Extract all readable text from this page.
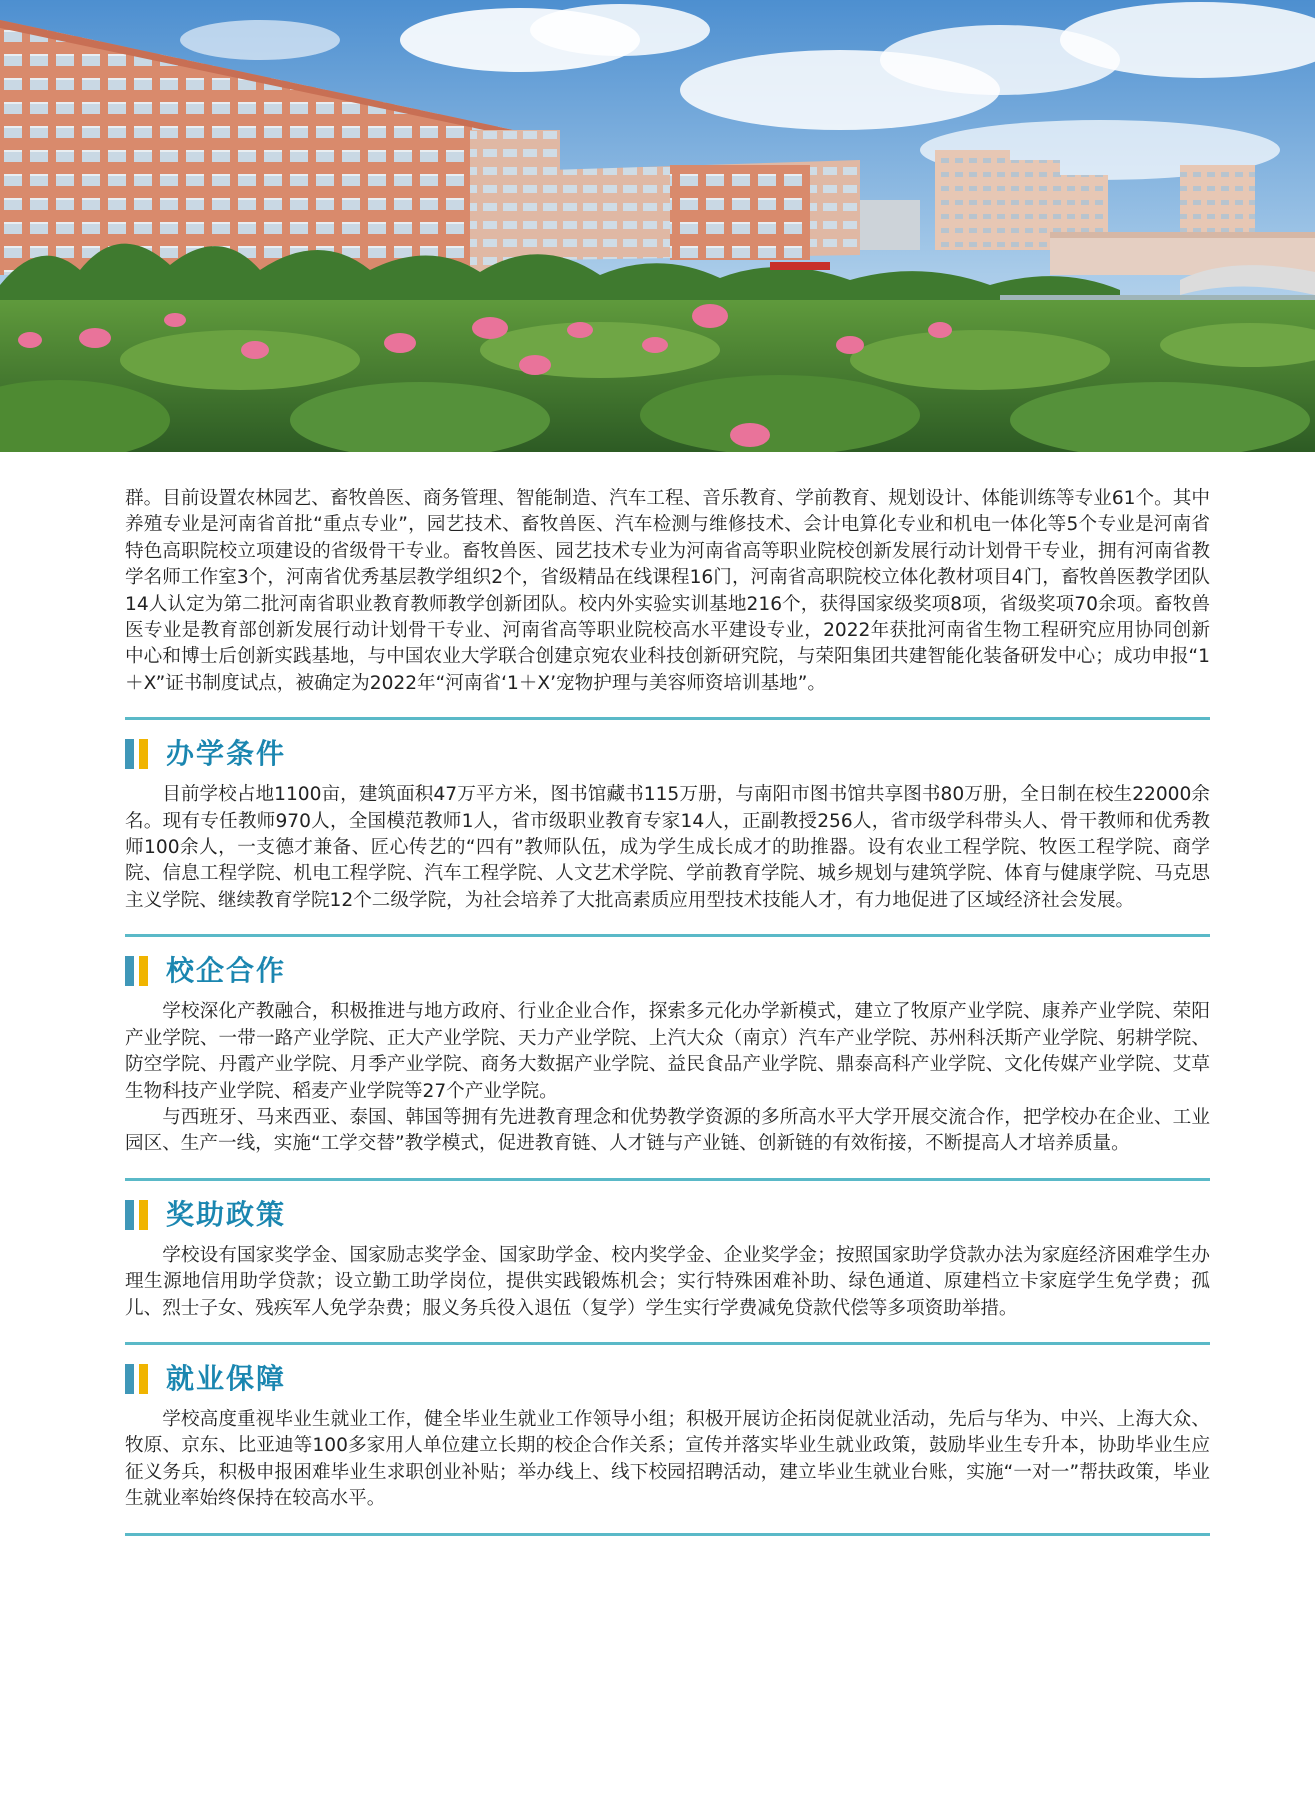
群。目前设置农林园艺、畜牧兽医、商务管理、智能制造、汽车工程、音乐教育、学前教育、规划设计、体能训练等专业61个。其中养殖专业是河南省首批“重点专业”，园艺技术、畜牧兽医、汽车检测与维修技术、会计电算化专业和机电一体化等5个专业是河南省特色高职院校立项建设的省级骨干专业。畜牧兽医、园艺技术专业为河南省高等职业院校创新发展行动计划骨干专业，拥有河南省教学名师工作室3个，河南省优秀基层教学组织2个，省级精品在线课程16门，河南省高职院校立体化教材项目4门，畜牧兽医教学团队14人认定为第二批河南省职业教育教师教学创新团队。校内外实验实训基地216个，获得国家级奖项8项，省级奖项70余项。畜牧兽医专业是教育部创新发展行动计划骨干专业、河南省高等职业院校高水平建设专业，2022年获批河南省生物工程研究应用协同创新中心和博士后创新实践基地，与中国农业大学联合创建京宛农业科技创新研究院，与荣阳集团共建智能化装备研发中心；成功申报“1＋X”证书制度试点，被确定为2022年“河南省‘1＋X’宠物护理与美容师资培训基地”。

办学条件

目前学校占地1100亩，建筑面积47万平方米，图书馆藏书115万册，与南阳市图书馆共享图书80万册，全日制在校生22000余名。现有专任教师970人，全国模范教师1人，省市级职业教育专家14人，正副教授256人，省市级学科带头人、骨干教师和优秀教师100余人，一支德才兼备、匠心传艺的“四有”教师队伍，成为学生成长成才的助推器。设有农业工程学院、牧医工程学院、商学院、信息工程学院、机电工程学院、汽车工程学院、人文艺术学院、学前教育学院、城乡规划与建筑学院、体育与健康学院、马克思主义学院、继续教育学院12个二级学院，为社会培养了大批高素质应用型技术技能人才，有力地促进了区域经济社会发展。

校企合作

学校深化产教融合，积极推进与地方政府、行业企业合作，探索多元化办学新模式，建立了牧原产业学院、康养产业学院、荣阳产业学院、一带一路产业学院、正大产业学院、天力产业学院、上汽大众（南京）汽车产业学院、苏州科沃斯产业学院、躬耕学院、防空学院、丹霞产业学院、月季产业学院、商务大数据产业学院、益民食品产业学院、鼎泰高科产业学院、文化传媒产业学院、艾草生物科技产业学院、稻麦产业学院等27个产业学院。

与西班牙、马来西亚、泰国、韩国等拥有先进教育理念和优势教学资源的多所高水平大学开展交流合作，把学校办在企业、工业园区、生产一线，实施“工学交替”教学模式，促进教育链、人才链与产业链、创新链的有效衔接，不断提高人才培养质量。

奖助政策

学校设有国家奖学金、国家励志奖学金、国家助学金、校内奖学金、企业奖学金；按照国家助学贷款办法为家庭经济困难学生办理生源地信用助学贷款；设立勤工助学岗位，提供实践锻炼机会；实行特殊困难补助、绿色通道、原建档立卡家庭学生免学费；孤儿、烈士子女、残疾军人免学杂费；服义务兵役入退伍（复学）学生实行学费减免贷款代偿等多项资助举措。

就业保障

学校高度重视毕业生就业工作，健全毕业生就业工作领导小组；积极开展访企拓岗促就业活动，先后与华为、中兴、上海大众、牧原、京东、比亚迪等100多家用人单位建立长期的校企合作关系；宣传并落实毕业生就业政策，鼓励毕业生专升本，协助毕业生应征义务兵，积极申报困难毕业生求职创业补贴；举办线上、线下校园招聘活动，建立毕业生就业台账，实施“一对一”帮扶政策，毕业生就业率始终保持在较高水平。
